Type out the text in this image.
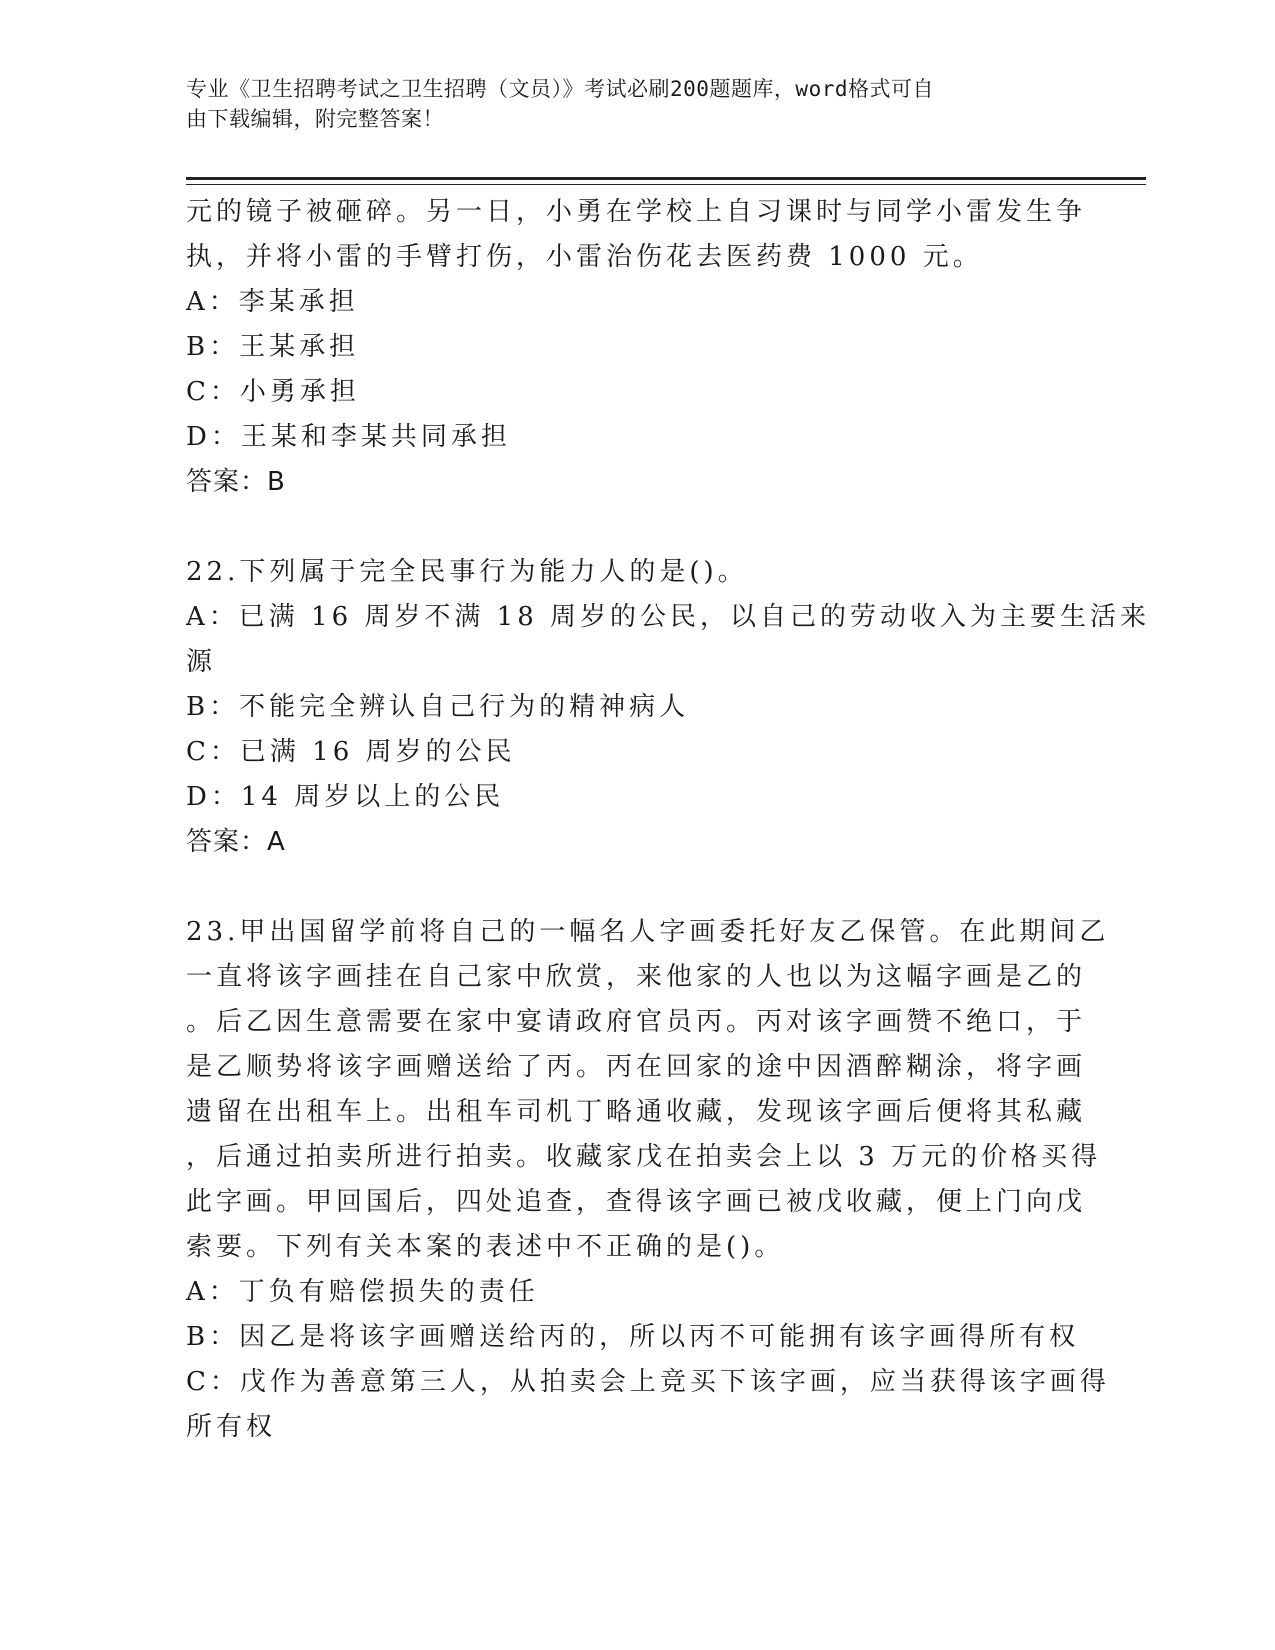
专业《卫生招聘考试之卫生招聘（文员）》考试必刷200题题库，word格式可自
由下载编辑，附完整答案！
元的镜子被砸碎。另一日，小勇在学校上自习课时与同学小雷发生争
执，并将小雷的手臂打伤，小雷治伤花去医药费 1000 元。
A：李某承担
B：王某承担
C：小勇承担
D：王某和李某共同承担
答案：B
22.下列属于完全民事行为能力人的是()。
A：已满 16 周岁不满 18 周岁的公民，以自己的劳动收入为主要生活来
源
B：不能完全辨认自己行为的精神病人
C：已满 16 周岁的公民
D：14 周岁以上的公民
答案：A
23.甲出国留学前将自己的一幅名人字画委托好友乙保管。在此期间乙
一直将该字画挂在自己家中欣赏，来他家的人也以为这幅字画是乙的
。后乙因生意需要在家中宴请政府官员丙。丙对该字画赞不绝口，于
是乙顺势将该字画赠送给了丙。丙在回家的途中因酒醉糊涂，将字画
遗留在出租车上。出租车司机丁略通收藏，发现该字画后便将其私藏
，后通过拍卖所进行拍卖。收藏家戊在拍卖会上以 3 万元的价格买得
此字画。甲回国后，四处追查，查得该字画已被戊收藏，便上门向戊
索要。下列有关本案的表述中不正确的是()。
A：丁负有赔偿损失的责任
B：因乙是将该字画赠送给丙的，所以丙不可能拥有该字画得所有权
C：戊作为善意第三人，从拍卖会上竞买下该字画，应当获得该字画得
所有权
